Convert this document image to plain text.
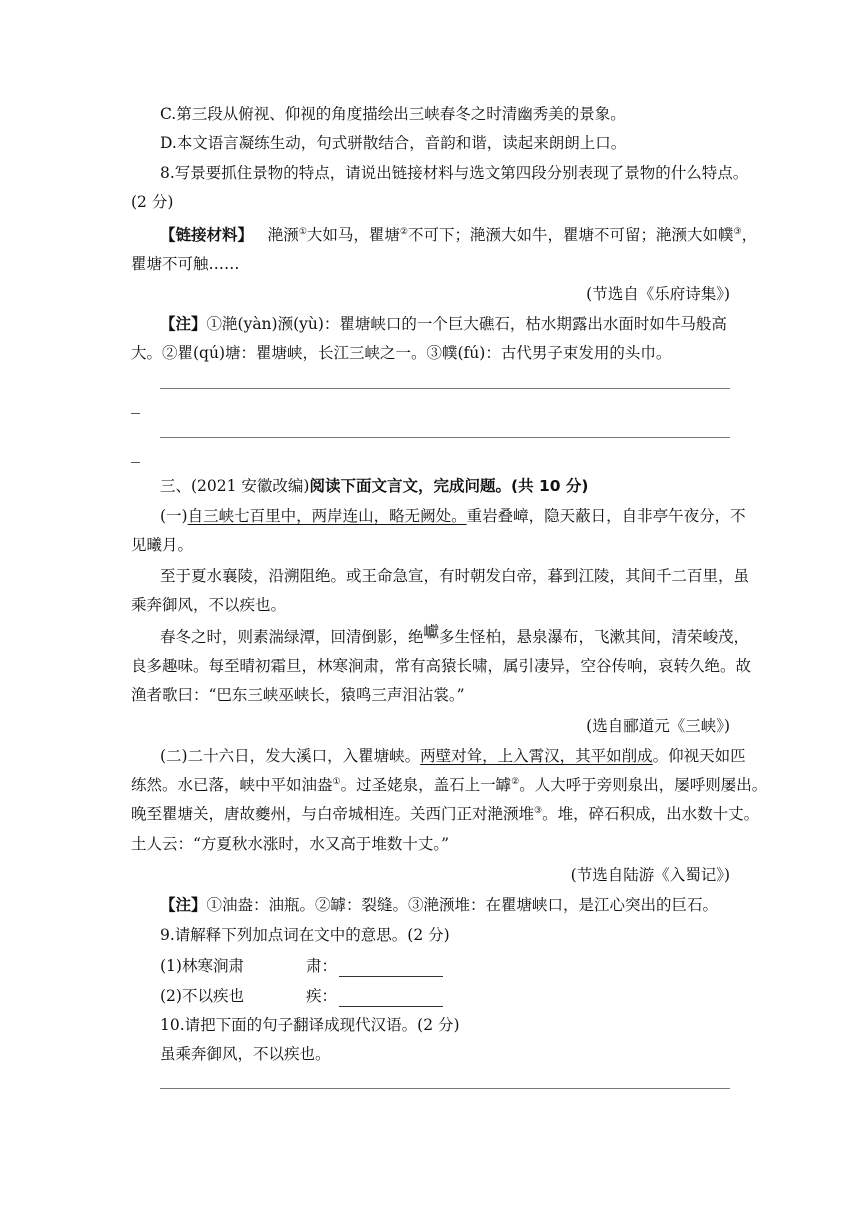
C.第三段从俯视、仰视的角度描绘出三峡春冬之时清幽秀美的景象。
D.本文语言凝练生动，句式骈散结合，音韵和谐，读起来朗朗上口。
8.写景要抓住景物的特点，请说出链接材料与选文第四段分别表现了景物的什么特点。
(2 分)
【链接材料】 滟滪①大如马，瞿塘②不可下；滟滪大如牛，瞿塘不可留；滟滪大如幞③，
瞿塘不可触……
(节选自《乐府诗集》)
【注】①滟(yàn)滪(yù)：瞿塘峡口的一个巨大礁石，枯水期露出水面时如牛马般高
大。②瞿(qú)塘：瞿塘峡，长江三峡之一。③幞(fú)：古代男子束发用的头巾。
三、(2021 安徽改编)阅读下面文言文，完成问题。(共 10 分)
(一)自三峡七百里中，两岸连山，略无阙处。重岩叠嶂，隐天蔽日，自非亭午夜分，不
见曦月。
至于夏水襄陵，沿溯阻绝。或王命急宣，有时朝发白帝，暮到江陵，其间千二百里，虽
乘奔御风，不以疾也。
春冬之时，则素湍绿潭，回清倒影，绝巘多生怪柏，悬泉瀑布，飞漱其间，清荣峻茂，
良多趣味。每至晴初霜旦，林寒涧肃，常有高猿长啸，属引凄异，空谷传响，哀转久绝。故
渔者歌曰：“巴东三峡巫峡长，猿鸣三声泪沾裳。”
(选自郦道元《三峡》)
(二)二十六日，发大溪口，入瞿塘峡。两壁对耸，上入霄汉，其平如削成。仰视天如匹
练然。水已落，峡中平如油盎①。过圣姥泉，盖石上一罅②。人大呼于旁则泉出，屡呼则屡出。
晚至瞿塘关，唐故夔州，与白帝城相连。关西门正对滟滪堆③。堆，碎石积成，出水数十丈。
土人云：“方夏秋水涨时，水又高于堆数十丈。”
(节选自陆游《入蜀记》)
【注】①油盎：油瓶。②罅：裂缝。③滟滪堆：在瞿塘峡口，是江心突出的巨石。
9.请解释下列加点词在文中的意思。(2 分)
(1)林寒涧肃	肃：
(2)不以疾也	疾：
10.请把下面的句子翻译成现代汉语。(2 分)
虽乘奔御风，不以疾也。
